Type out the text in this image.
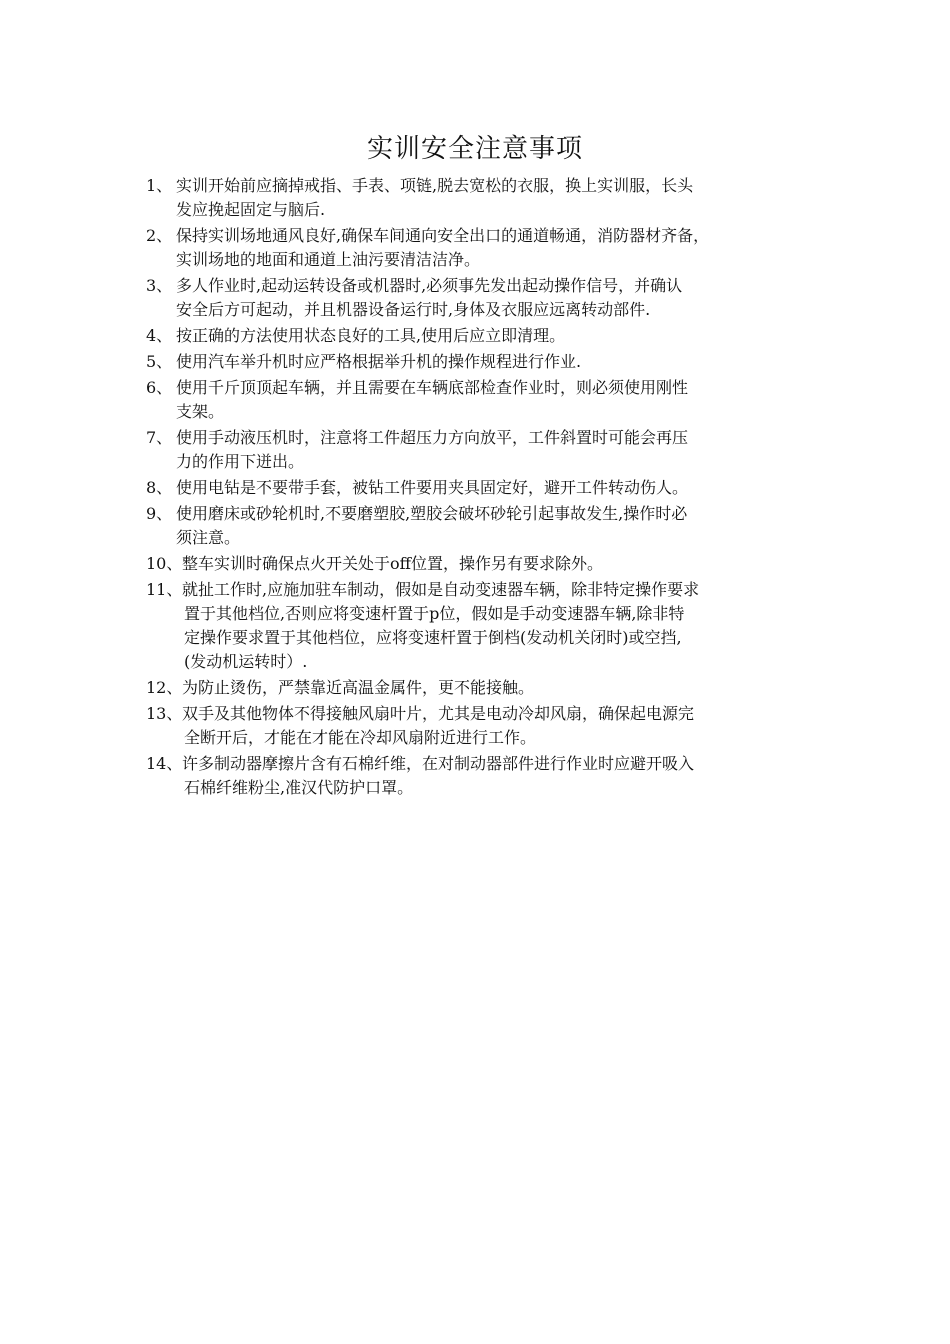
实训安全注意事项
1、 实训开始前应摘掉戒指、手表、项链,脱去宽松的衣服，换上实训服，长头
发应挽起固定与脑后.
2、 保持实训场地通风良好,确保车间通向安全出口的通道畅通，消防器材齐备，
实训场地的地面和通道上油污要清洁洁净。
3、 多人作业时,起动运转设备或机器时,必须事先发出起动操作信号，并确认
安全后方可起动，并且机器设备运行时,身体及衣服应远离转动部件.
4、 按正确的方法使用状态良好的工具,使用后应立即清理。
5、 使用汽车举升机时应严格根据举升机的操作规程进行作业.
6、 使用千斤顶顶起车辆，并且需要在车辆底部检查作业时，则必须使用刚性
支架。
7、 使用手动液压机时，注意将工件超压力方向放平，工件斜置时可能会再压
力的作用下迸出。
8、 使用电钻是不要带手套，被钻工件要用夹具固定好，避开工件转动伤人。
9、 使用磨床或砂轮机时,不要磨塑胶,塑胶会破坏砂轮引起事故发生,操作时必
须注意。
10、 整车实训时确保点火开关处于off位置，操作另有要求除外。
11、 就扯工作时,应施加驻车制动，假如是自动变速器车辆，除非特定操作要求
置于其他档位,否则应将变速杆置于p位，假如是手动变速器车辆,除非特
定操作要求置于其他档位，应将变速杆置于倒档(发动机关闭时)或空挡,
(发动机运转时）.
12、 为防止烫伤，严禁靠近高温金属件，更不能接触。
13、 双手及其他物体不得接触风扇叶片，尤其是电动冷却风扇，确保起电源完
全断开后，才能在才能在冷却风扇附近进行工作。
14、 许多制动器摩擦片含有石棉纤维，在对制动器部件进行作业时应避开吸入
石棉纤维粉尘,准汉代防护口罩。
